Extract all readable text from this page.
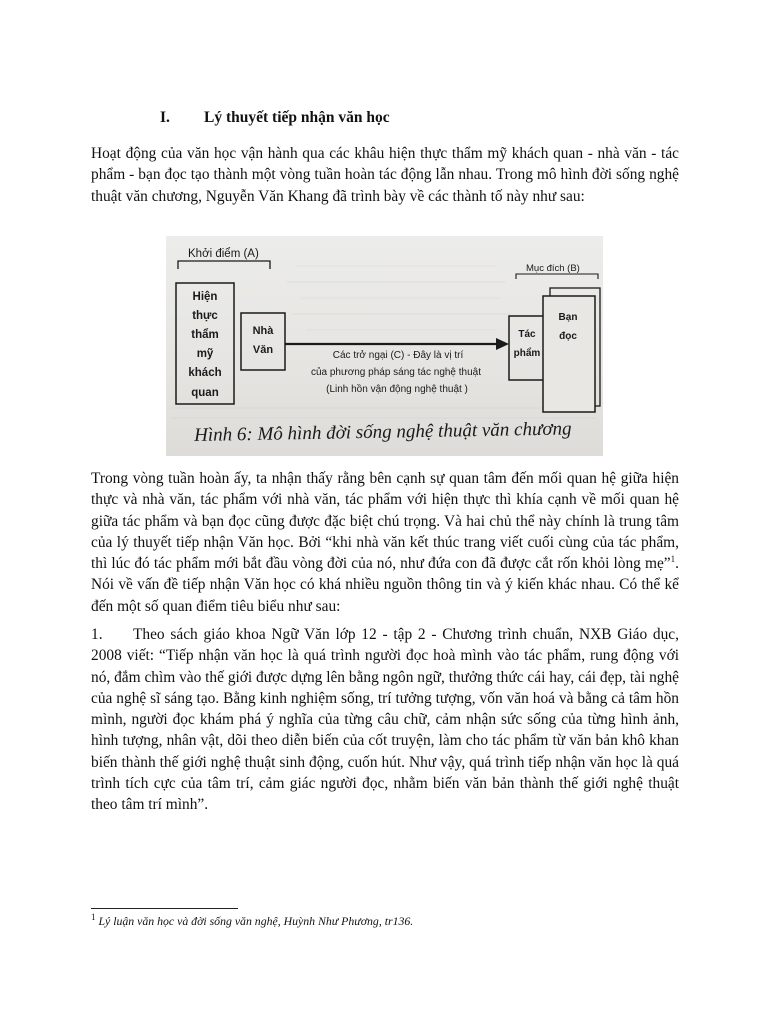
I. Lý thuyết tiếp nhận văn học

Hoạt động của văn học vận hành qua các khâu hiện thực thẩm mỹ khách quan - nhà văn - tác phẩm - bạn đọc tạo thành một vòng tuần hoàn tác động lẫn nhau. Trong mô hình đời sống nghệ thuật văn chương, Nguyễn Văn Khang đã trình bày về các thành tố này như sau:

Khởi điểm (A)
Mục đích (B)
Hiện
thực
thẩm
mỹ
khách
quan
Nhà
Văn	Các trở ngại (C) - Đây là vị trí
của phương pháp sáng tác nghệ thuật
(Linh hồn vận động nghệ thuật )
Tác
phẩm
Bạn
đọc
Hình 6: Mô hình đời sống nghệ thuật văn chương

Trong vòng tuần hoàn ấy, ta nhận thấy rằng bên cạnh sự quan tâm đến mối quan hệ giữa hiện thực và nhà văn, tác phẩm với nhà văn, tác phẩm với hiện thực thì khía cạnh về mối quan hệ giữa tác phẩm và bạn đọc cũng được đặc biệt chú trọng. Và hai chủ thể này chính là trung tâm của lý thuyết tiếp nhận Văn học. Bởi “khi nhà văn kết thúc trang viết cuối cùng của tác phẩm, thì lúc đó tác phẩm mới bắt đầu vòng đời của nó, như đứa con đã được cắt rốn khỏi lòng mẹ”$^1$. Nói về vấn đề tiếp nhận Văn học có khá nhiều nguồn thông tin và ý kiến khác nhau. Có thể kể đến một số quan điểm tiêu biểu như sau:

1. Theo sách giáo khoa Ngữ Văn lớp 12 - tập 2 - Chương trình chuẩn, NXB Giáo dục, 2008 viết: “Tiếp nhận văn học là quá trình người đọc hoà mình vào tác phẩm, rung động với nó, đắm chìm vào thế giới được dựng lên bằng ngôn ngữ, thưởng thức cái hay, cái đẹp, tài nghệ của nghệ sĩ sáng tạo. Bằng kinh nghiệm sống, trí tưởng tượng, vốn văn hoá và bằng cả tâm hồn mình, người đọc khám phá ý nghĩa của từng câu chữ, cảm nhận sức sống của từng hình ảnh, hình tượng, nhân vật, dõi theo diễn biến của cốt truyện, làm cho tác phẩm từ văn bản khô khan biến thành thế giới nghệ thuật sinh động, cuốn hút. Như vậy, quá trình tiếp nhận văn học là quá trình tích cực của tâm trí, cảm giác người đọc, nhằm biến văn bản thành thế giới nghệ thuật theo tâm trí mình”.

$^1$ Lý luận văn học và đời sống văn nghệ, Huỳnh Như Phương, tr136.
